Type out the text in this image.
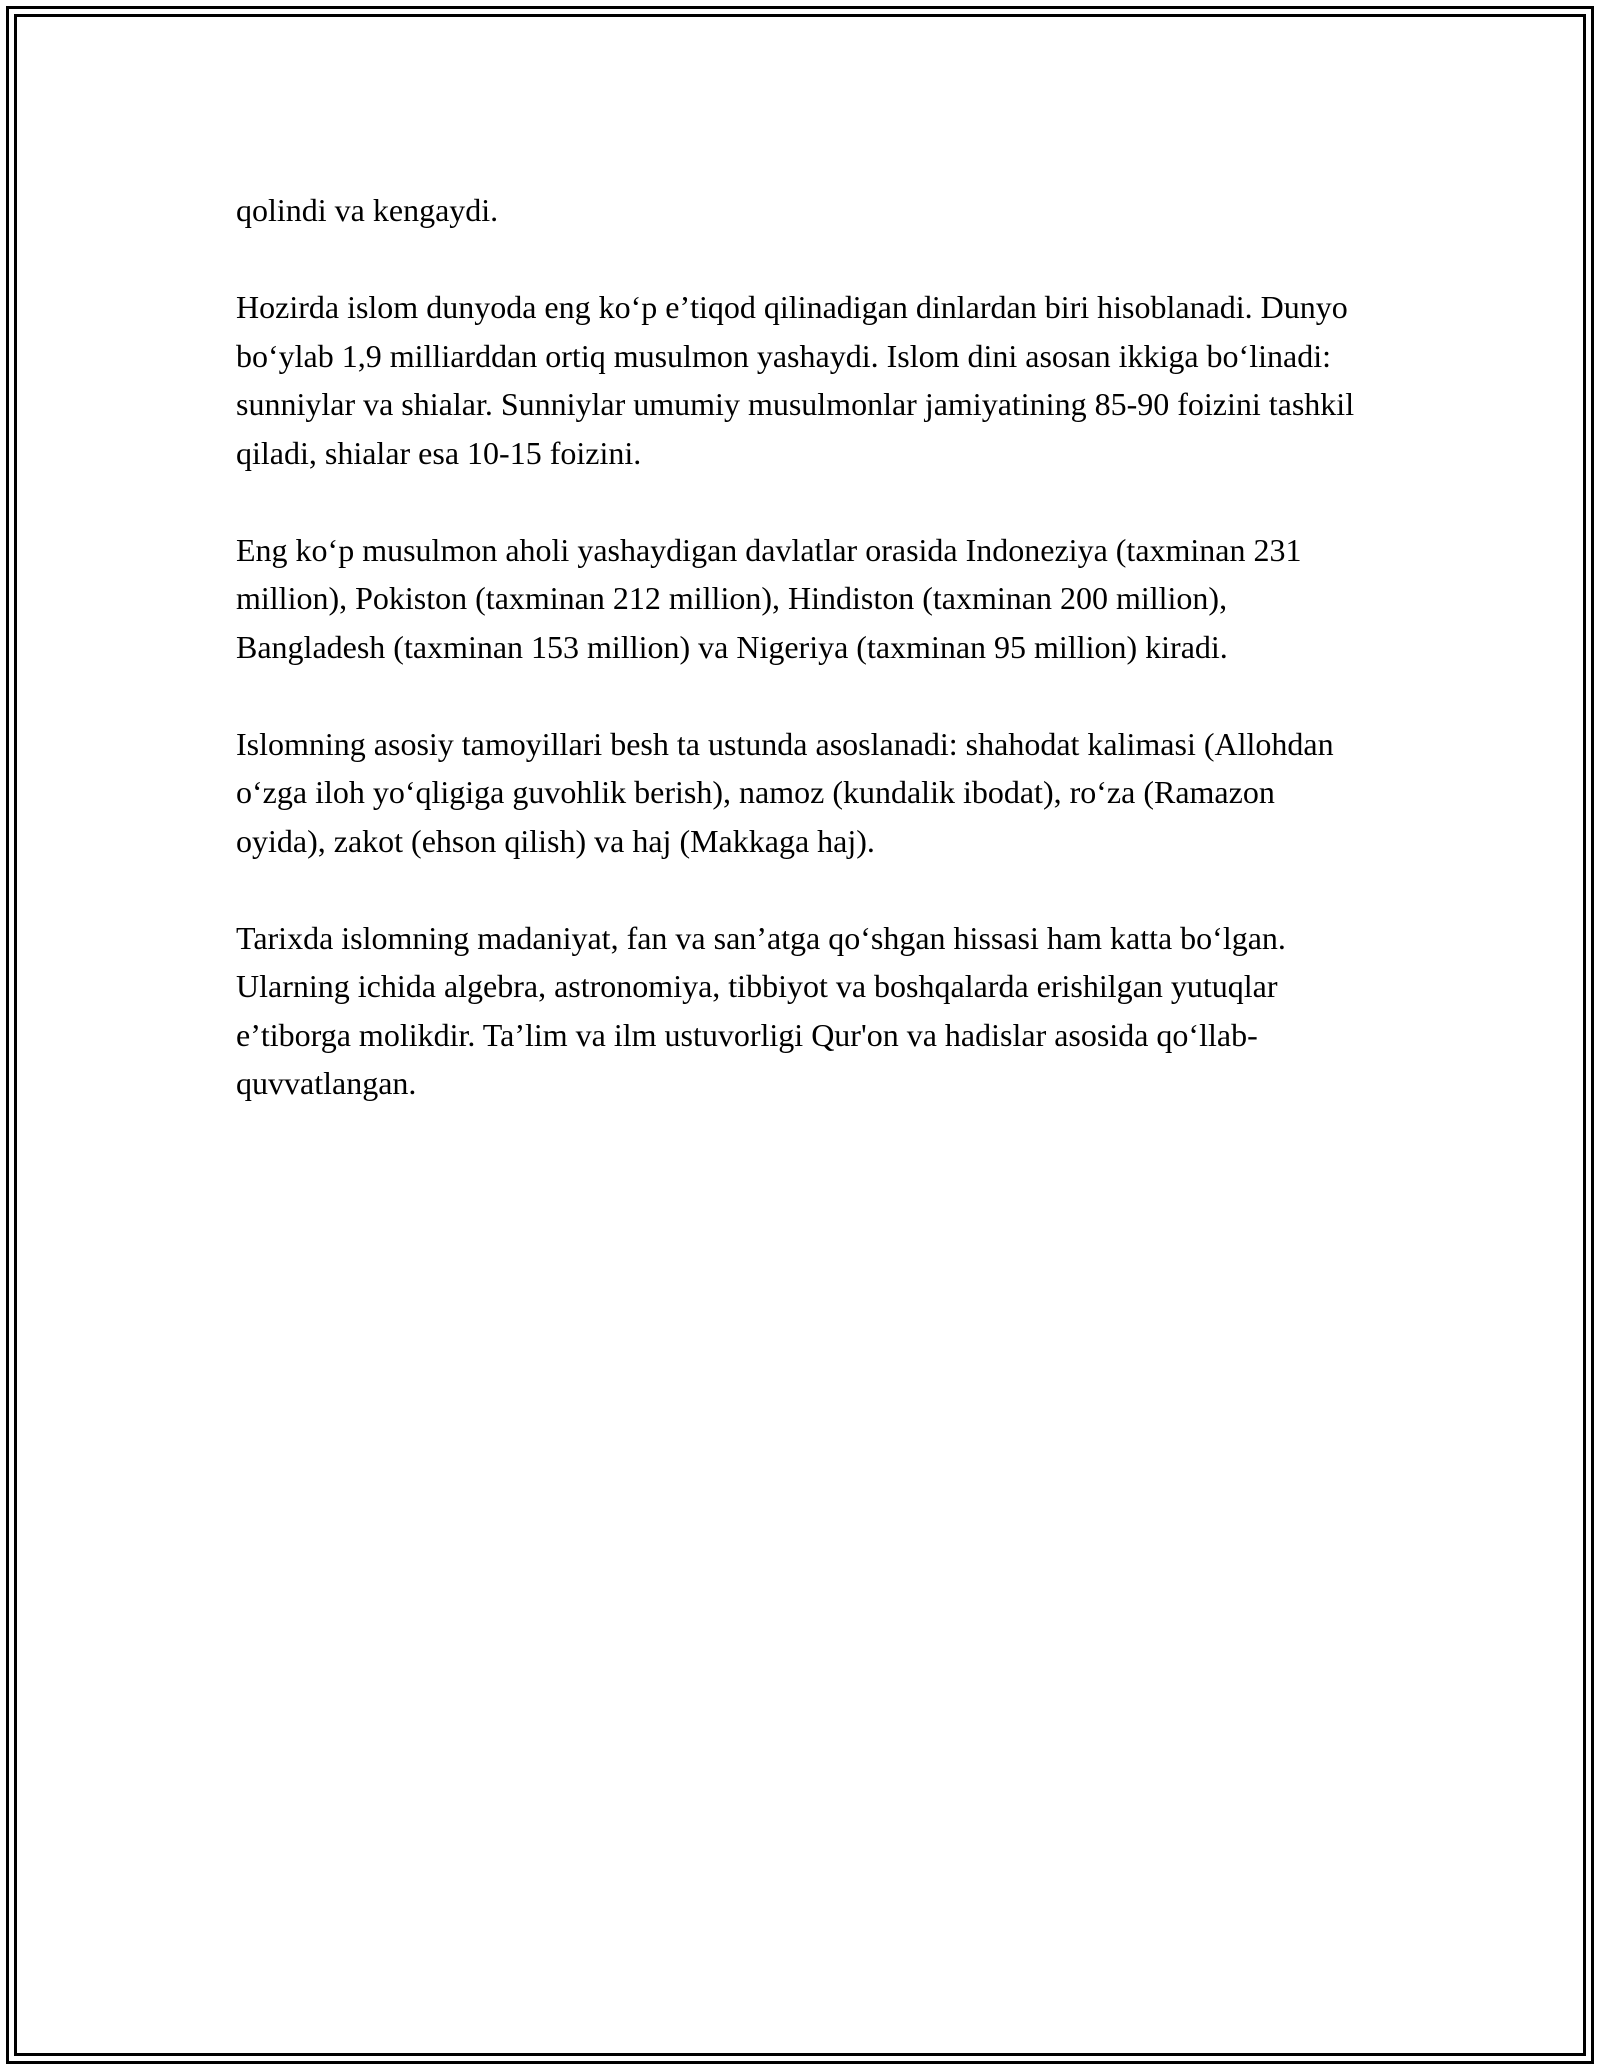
qolindi va kengaydi.

Hozirda islom dunyoda eng koʻp eʼtiqod qilinadigan dinlardan biri hisoblanadi. Dunyo boʻylab 1,9 milliarddan ortiq musulmon yashaydi. Islom dini asosan ikkiga boʻlinadi: sunniylar va shialar. Sunniylar umumiy musulmonlar jamiyatining 85-90 foizini tashkil qiladi, shialar esa 10-15 foizini.

Eng koʻp musulmon aholi yashaydigan davlatlar orasida Indoneziya (taxminan 231 million), Pokiston (taxminan 212 million), Hindiston (taxminan 200 million), Bangladesh (taxminan 153 million) va Nigeriya (taxminan 95 million) kiradi.

Islomning asosiy tamoyillari besh ta ustunda asoslanadi: shahodat kalimasi (Allohdan oʻzga iloh yoʻqligiga guvohlik berish), namoz (kundalik ibodat), roʻza (Ramazon oyida), zakot (ehson qilish) va haj (Makkaga haj).

Tarixda islomning madaniyat, fan va sanʼatga qoʻshgan hissasi ham katta boʻlgan. Ularning ichida algebra, astronomiya, tibbiyot va boshqalarda erishilgan yutuqlar eʼtiborga molikdir. Taʼlim va ilm ustuvorligi Qur'on va hadislar asosida qoʻllab-quvvatlangan.
